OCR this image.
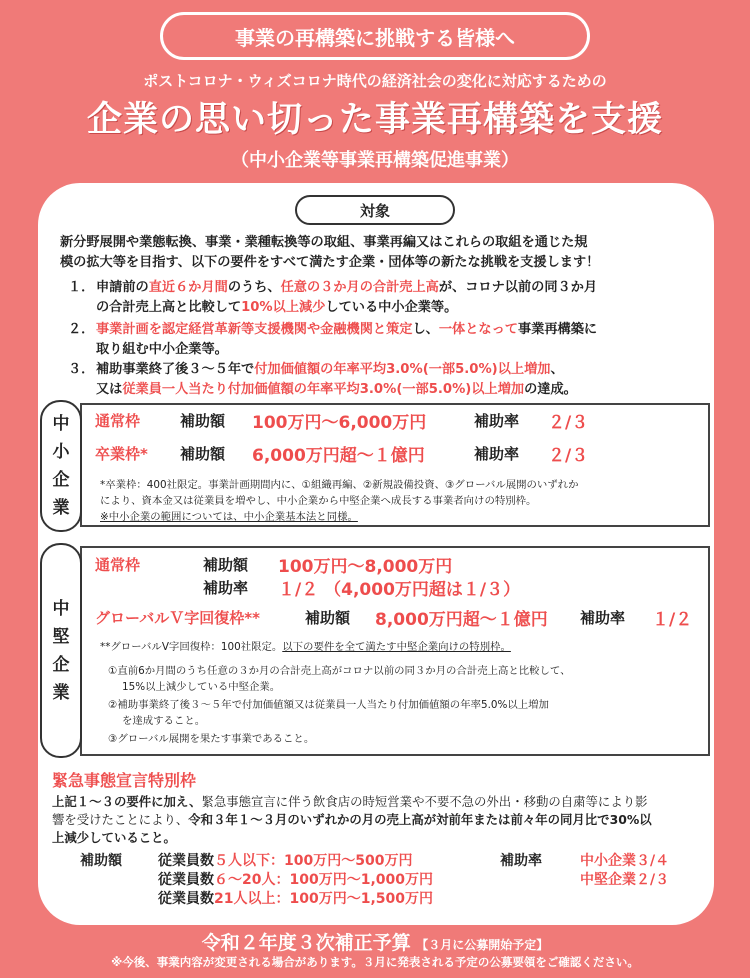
事業の再構築に挑戦する皆様へ
ポストコロナ・ウィズコロナ時代の経済社会の変化に対応するための
企業の思い切った事業再構築を支援
（中小企業等事業再構築促進事業）
対象
新分野展開や業態転換、事業・業種転換等の取組、事業再編又はこれらの取組を通じた規
模の拡大等を目指す、以下の要件をすべて満たす企業・団体等の新たな挑戦を支援します！
１． 申請前の直近６か月間のうち、任意の３か月の合計売上高が、コロナ以前の同３か月
の合計売上高と比較して10%以上減少している中小企業等。
２． 事業計画を認定経営革新等支援機関や金融機関と策定し、一体となって事業再構築に
取り組む中小企業等。
３． 補助事業終了後３～５年で付加価値額の年率平均3.0%(一部5.0%)以上増加、
又は従業員一人当たり付加価値額の年率平均3.0%(一部5.0%)以上増加の達成。
中
小
企
業
通常枠	補助額 100万円～6,000万円	補助率 ２/３
卒業枠* 補助額 6,000万円超～１億円	補助率 ２/３
*卒業枠：400社限定。事業計画期間内に、①組織再編、②新規設備投資、③グローバル展開のいずれか
により、資本金又は従業員を増やし、中小企業から中堅企業へ成長する事業者向けの特別枠。
※中小企業の範囲については、中小企業基本法と同様。
中
堅
企
業
通常枠	補助額 100万円～8,000万円
補助率 １/２ （4,000万円超は１/３）
グローバルＶ字回復枠**	補助額 8,000万円超～１億円 補助率 １/２
**グローバルV字回復枠：100社限定。以下の要件を全て満たす中堅企業向けの特別枠。
①直前6か月間のうち任意の３か月の合計売上高がコロナ以前の同３か月の合計売上高と比較して、
15%以上減少している中堅企業。
②補助事業終了後３～５年で付加価値額又は従業員一人当たり付加価値額の年率5.0%以上増加
を達成すること。
③グローバル展開を果たす事業であること。
緊急事態宣言特別枠
上記１～３の要件に加え、緊急事態宣言に伴う飲食店の時短営業や不要不急の外出・移動の自粛等により影
響を受けたことにより、令和３年１～３月のいずれかの月の売上高が対前年または前々年の同月比で30%以
上減少していること。
補助額	従業員数５人以下：100万円～500万円
従業員数６～20人：100万円～1,000万円
従業員数21人以上：100万円～1,500万円
補助率	中小企業３/４
中堅企業２/３
令和２年度３次補正予算 【３月に公募開始予定】
※今後、事業内容が変更される場合があります。３月に発表される予定の公募要領をご確認ください。
